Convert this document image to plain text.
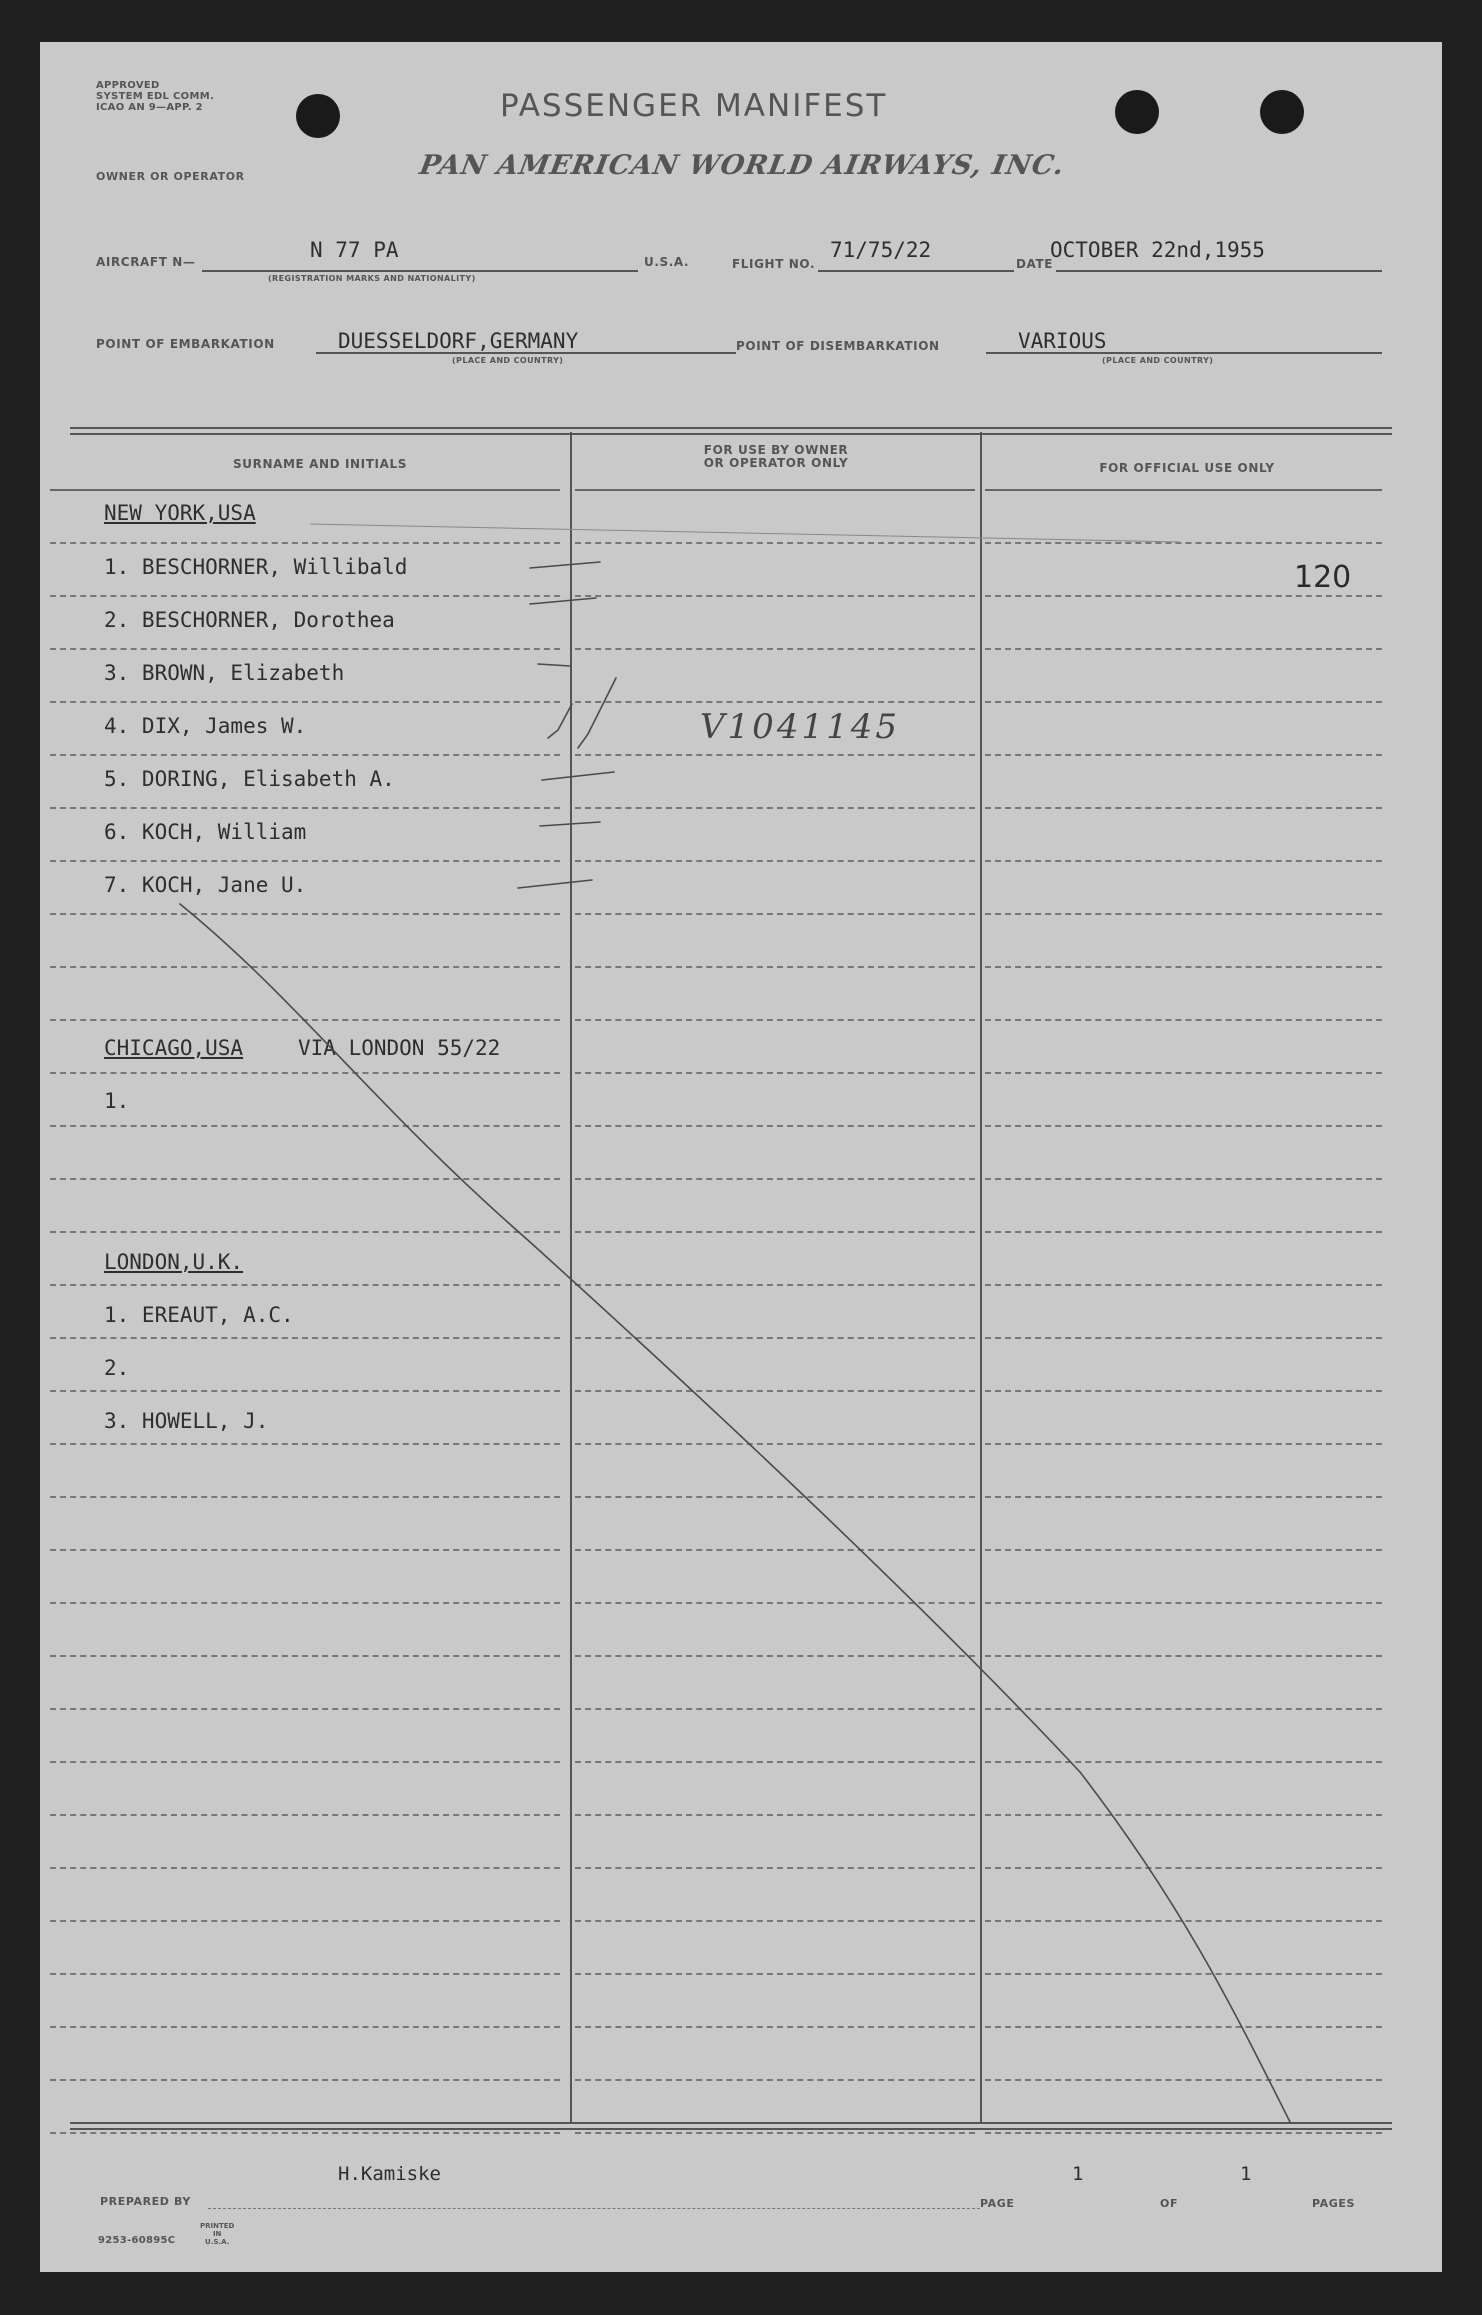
APPROVED
SYSTEM EDL COMM.
ICAO AN 9—APP. 2	PASSENGER MANIFEST
OWNER OR OPERATOR	PAN AMERICAN WORLD AIRWAYS, INC.
AIRCRAFT N—	N 77 PA
(REGISTRATION MARKS AND NATIONALITY)
U.S.A.	FLIGHT NO.
71/75/22
DATE
OCTOBER 22nd,1955
POINT OF EMBARKATION	DUESSELDORF,GERMANY
(PLACE AND COUNTRY)
POINT OF DISEMBARKATION	VARIOUS
(PLACE AND COUNTRY)
SURNAME AND INITIALS
FOR USE BY OWNER
OR OPERATOR ONLY	FOR OFFICIAL USE ONLY
NEW YORK,USA
1. BESCHORNER, Willibald
2. BESCHORNER, Dorothea
3. BROWN, Elizabeth
4. DIX, James W.
5. DORING, Elisabeth A.
6. KOCH, William
7. KOCH, Jane U.
CHICAGO,USA	VIA LONDON 55/22
1.
LONDON,U.K.
1. EREAUT, A.C.
2.
3. HOWELL, J.
120
V1041145
PREPARED BY
H.Kamiske
PAGE
1
OF
1
PAGES
9253-60895C
PRINTED
IN
U.S.A.
